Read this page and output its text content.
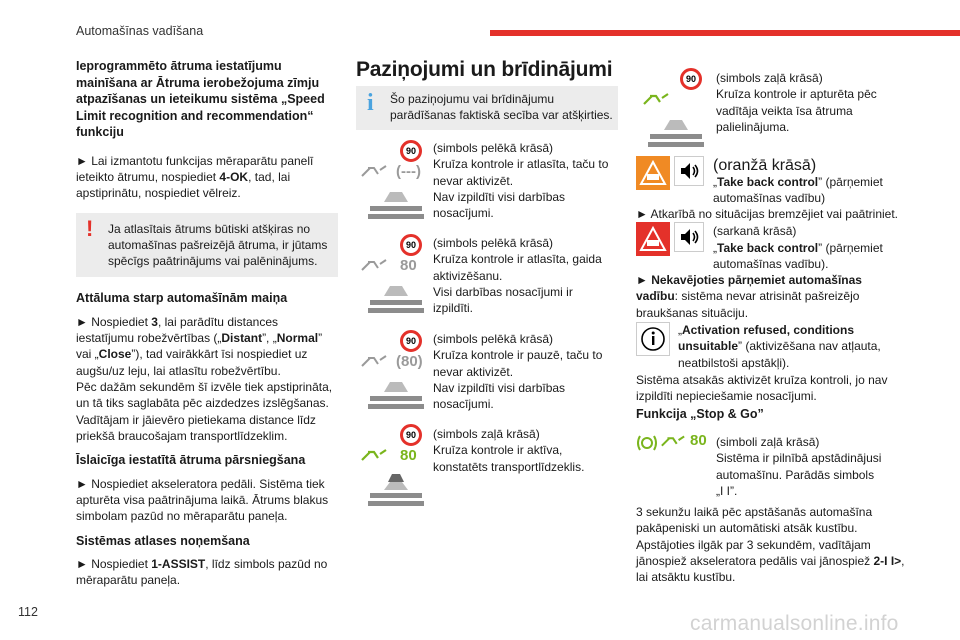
Automašīnas vadīšana

Ieprogrammēto ātruma iestatījumu mainīšana ar Ātruma ierobežojuma zīmju atpazīšanas un ieteikumu sistēma „Speed Limit recognition and recommendation“ funkciju

► Lai izmantotu funkcijas mēraparātu panelī ieteikto ātrumu, nospiediet 4-OK, tad, lai apstiprinātu, nospiediet vēlreiz.

!	Ja atlasītais ātrums būtiski atšķiras no automašīnas pašreizējā ātruma, ir jūtams spēcīgs paātrinājums vai palēninājums.

Attāluma starp automašīnām maiņa

► Nospiediet 3, lai parādītu distances iestatījumu robežvērtības („Distant”, „Normal” vai „Close”), tad vairākkārt īsi nospiediet uz augšu/uz leju, lai atlasītu robežvērtību.

Pēc dažām sekundēm šī izvēle tiek apstiprināta, un tā tiks saglabāta pēc aizdedzes izslēgšanas.

Vadītājam ir jāievēro pietiekama distance līdz priekšā braucošajam transportlīdzeklim.

Īslaicīga iestatītā ātruma pārsniegšana

► Nospiediet akseleratora pedāli. Sistēma tiek apturēta visa paātrinājuma laikā. Ātrums blakus simbolam pazūd no mēraparātu paneļa.

Sistēmas atlases noņemšana

► Nospiediet 1-ASSIST, līdz simbols pazūd no mēraparātu paneļa.

Paziņojumi un brīdinājumi
i Šo paziņojumu vai brīdinājumu parādīšanas faktiskā secība var atšķirties.
90
(---)

(simbols pelēkā krāsā)

Kruīza kontrole ir atlasīta, taču to nevar aktivizēt.

Nav izpildīti visi darbības nosacījumi.

90
80

(simbols pelēkā krāsā)

Kruīza kontrole ir atlasīta, gaida aktivizēšanu.

Visi darbības nosacījumi ir izpildīti.

90
(80)

(simbols pelēkā krāsā)

Kruīza kontrole ir pauzē, taču to nevar aktivizēt.

Nav izpildīti visi darbības nosacījumi.

90
80

(simbols zaļā krāsā)

Kruīza kontrole ir aktīva, konstatēts transportlīdzeklis.

90	(simbols zaļā krāsā)

Kruīza kontrole ir apturēta pēc vadītāja veikta īsa ātruma palielinājuma.

(oranžā krāsā)
„Take back control” (pārņemiet automašīnas vadību)
► Atkarībā no situācijas bremzējiet vai paātriniet.
(sarkanā krāsā)
„Take back control” (pārņemiet automašīnas vadību).
► Nekavējoties pārņemiet automašīnas vadību: sistēma nevar atrisināt pašreizējo braukšanas situāciju.
„Activation refused, conditions unsuitable” (aktivizēšana nav atļauta, neatbilstoši apstākļi).
Sistēma atsakās aktivizēt kruīza kontroli, jo nav izpildīti nepieciešamie nosacījumi.
Funkcija „Stop & Go”
80 (simboli zaļā krāsā)

Sistēma ir pilnībā apstādinājusi automašīnu. Parādās simbols

„I I”.

3 sekunžu laikā pēc apstāšanās automašīna pakāpeniski un automātiski atsāk kustību.

Apstājoties ilgāk par 3 sekundēm, vadītājam jānospiež akseleratora pedālis vai jānospiež 2-I I>, lai atsāktu kustību.

112	carmanualsonline.info
